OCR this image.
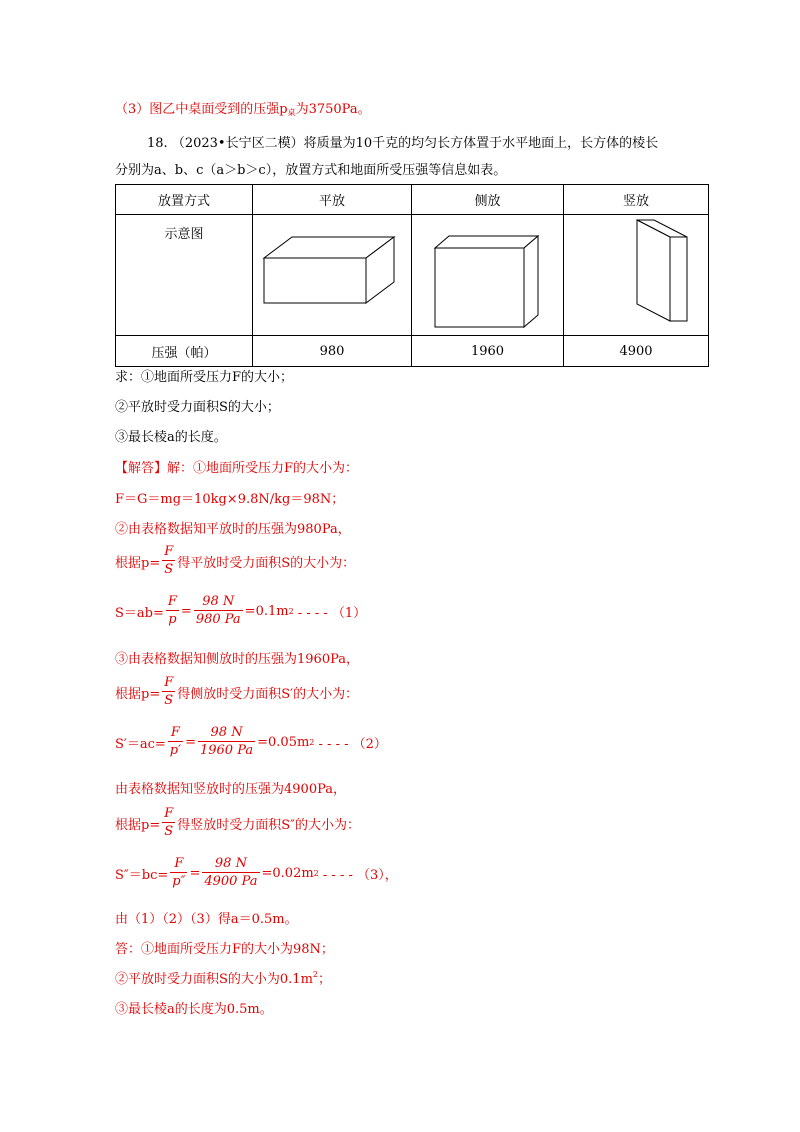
（3）图乙中桌面受到的压强$p_桌$为3750Pa。
18. （2023•长宁区二模）将质量为10千克的均匀长方体置于水平地面上，长方体的棱长
分别为a、b、c（a＞b＞c），放置方式和地面所受压强等信息如表。
放置方式	平放	侧放	竖放

示意图

压强（帕）	980	1960	4900
求：①地面所受压力F的大小；
②平放时受力面积S的大小；
③最长棱a的长度。
【解答】解：①地面所受压力F的大小为：
F＝G＝mg＝10kg×9.8N/kg＝98N；
②由表格数据知平放时的压强为980Pa，
根据$p= \frac{F}{S}$ 得平放时受力面积S的大小为：
$S=ab= \frac{F}{p} = \frac{98 N}{980 Pa} =0.1m$ 2 - - - - （1）
③由表格数据知侧放时的压强为1960Pa，
根据$p= \frac{F}{S}$ 得侧放时受力面积S′的大小为：
$S'=ac= \frac{F}{p'} = \frac{98 N}{1960 Pa} =0.05m$ 2 - - - - （2）
由表格数据知竖放时的压强为4900Pa，
根据$p= \frac{F}{S}$ 得竖放时受力面积S″的大小为：
$S''=bc= \frac{F}{p''} = \frac{98 N}{4900 Pa} =0.02m$ 2 - - - - （3），
由（1）（2）（3）得a＝0.5m。
答：①地面所受压力F的大小为98N；
②平放时受力面积S的大小为$0.1m^2$；
③最长棱a的长度为0.5m。
